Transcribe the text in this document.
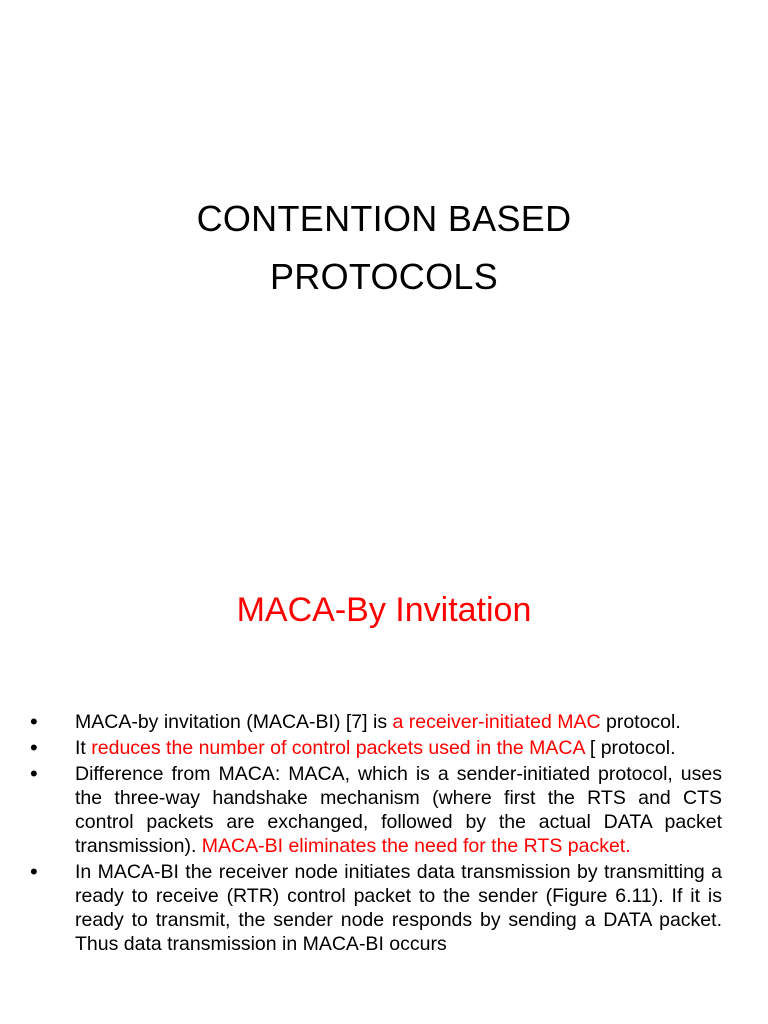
CONTENTION BASED
PROTOCOLS
MACA-By Invitation
•	MACA-by invitation (MACA-BI) [7] is a receiver-initiated MAC protocol.
•	It reduces the number of control packets used in the MACA [ protocol.
•	Difference from MACA: MACA, which is a sender-initiated protocol, uses the three-way handshake mechanism (where first the RTS and CTS control packets are exchanged, followed by the actual DATA packet transmission). MACA-BI eliminates the need for the RTS packet.
•	In MACA-BI the receiver node initiates data transmission by transmitting a ready to receive (RTR) control packet to the sender (Figure 6.11). If it is ready to transmit, the sender node responds by sending a DATA packet. Thus data transmission in MACA-BI occurs
